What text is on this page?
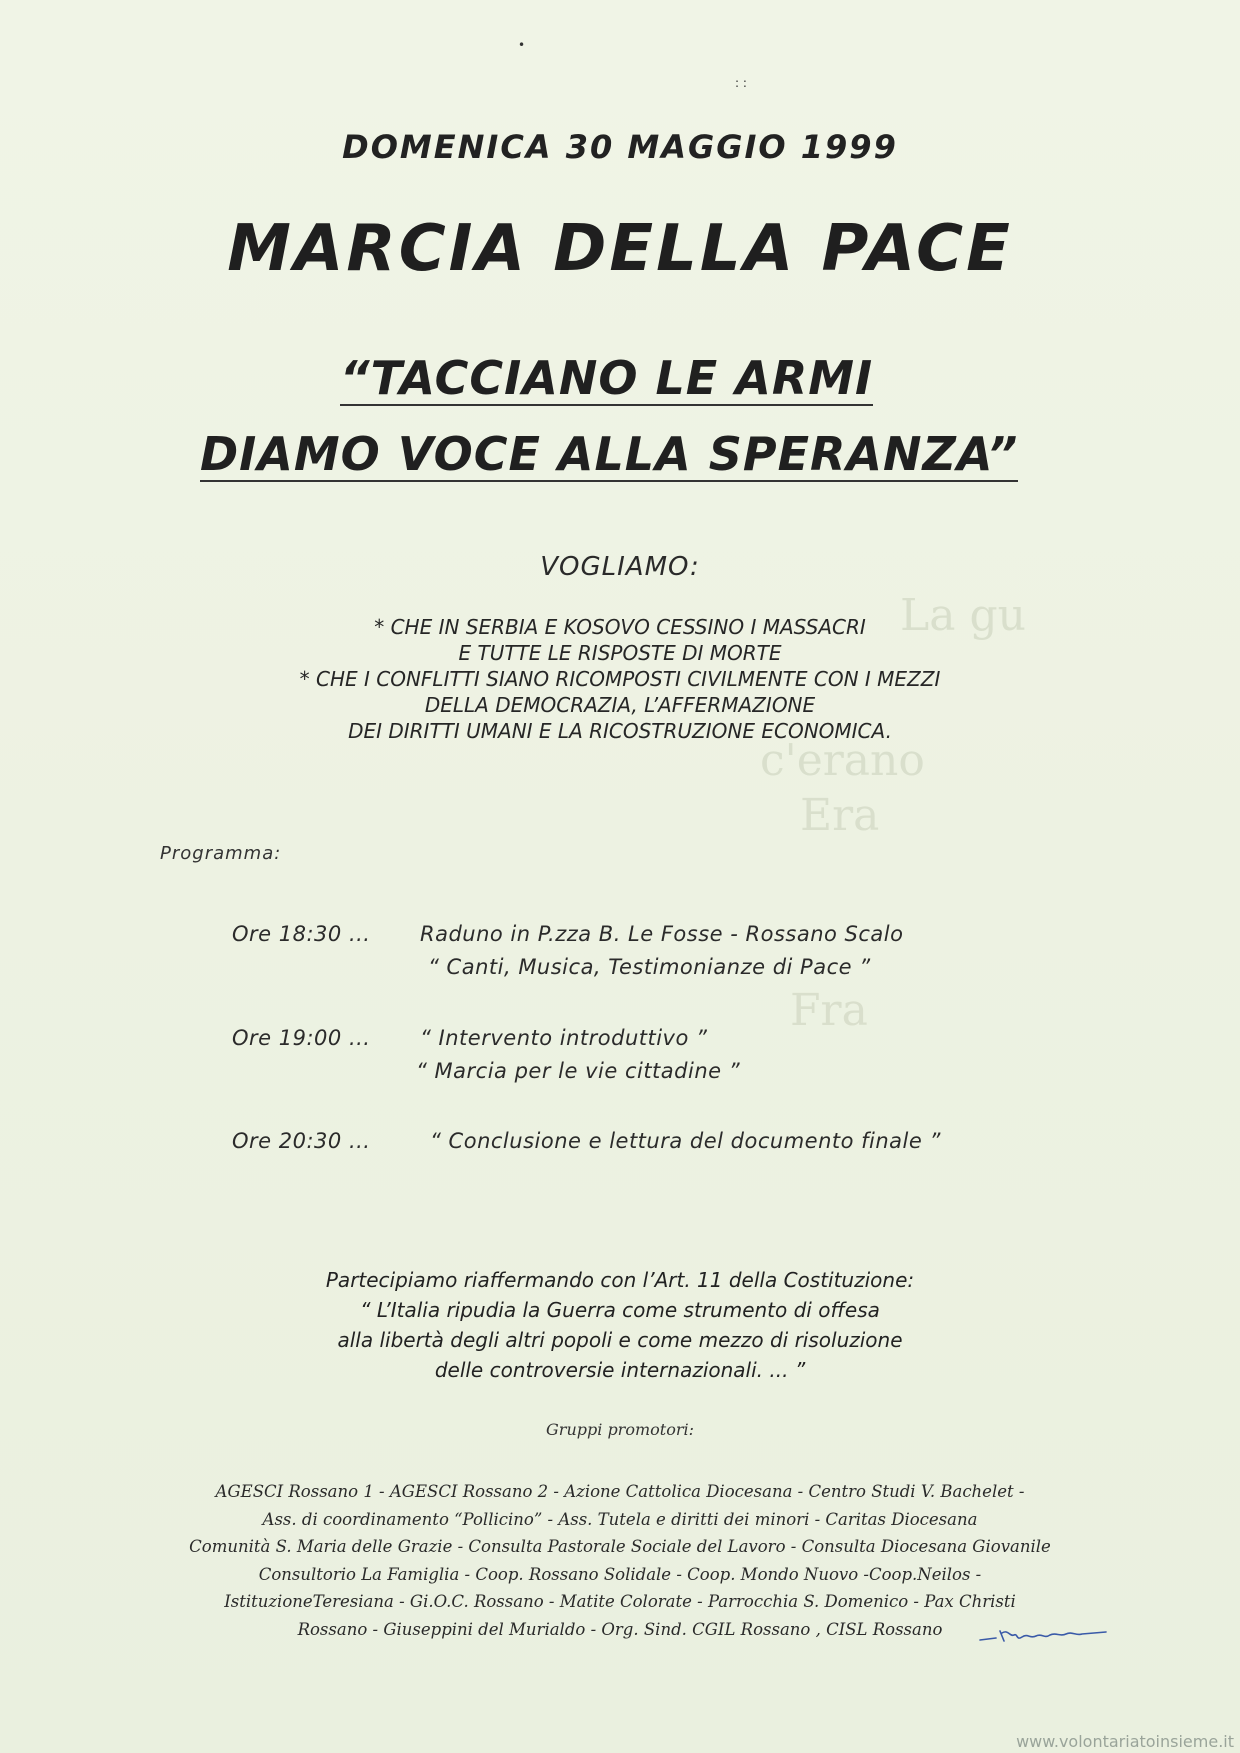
La gu
c'erano
Era
Fra
•
: :
DOMENICA 30 MAGGIO 1999
MARCIA DELLA PACE
“TACCIANO LE ARMI
DIAMO VOCE ALLA SPERANZA”
VOGLIAMO:
* CHE IN SERBIA E KOSOVO CESSINO I MASSACRI
E TUTTE LE RISPOSTE DI MORTE
* CHE I CONFLITTI SIANO RICOMPOSTI CIVILMENTE CON I MEZZI
DELLA DEMOCRAZIA, L’AFFERMAZIONE
DEI DIRITTI UMANI E LA RICOSTRUZIONE ECONOMICA.
Programma:
Ore 18:30 ... Raduno in P.zza B. Le Fosse - Rossano Scalo
“ Canti, Musica, Testimonianze di Pace ”
Ore 19:00 ... “ Intervento introduttivo ”
“ Marcia per le vie cittadine ”
Ore 20:30 ...	“ Conclusione e lettura del documento finale ”
Partecipiamo riaffermando con l’Art. 11 della Costituzione:
“ L’Italia ripudia la Guerra come strumento di offesa
alla libertà degli altri popoli e come mezzo di risoluzione
delle controversie internazionali. ... ”
Gruppi promotori:
AGESCI Rossano 1 - AGESCI Rossano 2 - Azione Cattolica Diocesana - Centro Studi V. Bachelet -
Ass. di coordinamento “Pollicino” - Ass. Tutela e diritti dei minori - Caritas Diocesana
Comunità S. Maria delle Grazie - Consulta Pastorale Sociale del Lavoro - Consulta Diocesana Giovanile
Consultorio La Famiglia - Coop. Rossano Solidale - Coop. Mondo Nuovo -Coop.Neilos -
IstituzioneTeresiana - Gi.O.C. Rossano - Matite Colorate - Parrocchia S. Domenico - Pax Christi
Rossano - Giuseppini del Murialdo - Org. Sind. CGIL Rossano , CISL Rossano
www.volontariatoinsieme.it
